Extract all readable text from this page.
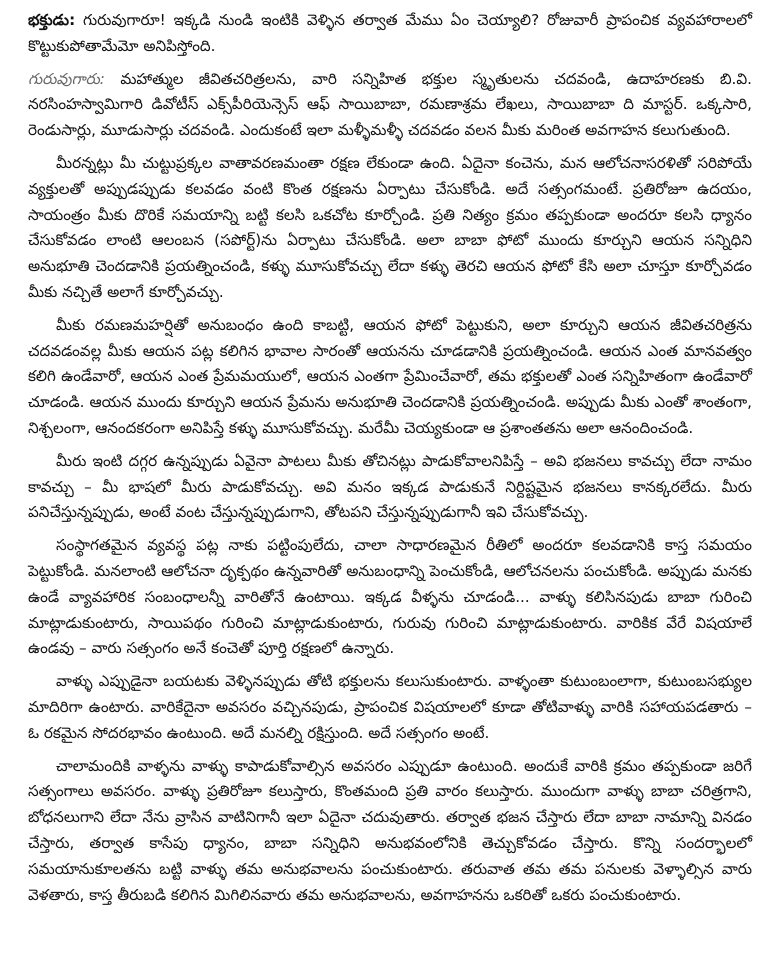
భక్తుడు: గురువుగారూ! ఇక్కడి నుండి ఇంటికి వెళ్ళిన తర్వాత మేము ఏం చెయ్యాలి? రోజువారీ ప్రాపంచిక వ్యవహారాలలో కొట్టుకుపోతామేమో అనిపిస్తోంది.

గురువుగారు: మహాత్ముల జీవితచరిత్రలను, వారి సన్నిహిత భక్తుల స్మృతులను చదవండి, ఉదాహరణకు బి.వి. నరసింహస్వామిగారి డివోటీస్ ఎక్స్‌పీరియెన్సెస్ ఆఫ్ సాయిబాబా, రమణాశ్రమ లేఖలు, సాయిబాబా ది మాస్టర్. ఒక్కసారి, రెండుసార్లు, మూడుసార్లు చదవండి. ఎందుకంటే ఇలా మళ్ళీమళ్ళీ చదవడం వలన మీకు మరింత అవగాహన కలుగుతుంది.

మీరన్నట్లు మీ చుట్టుప్రక్కల వాతావరణమంతా రక్షణ లేకుండా ఉంది. ఏదైనా కంచెను, మన ఆలోచనాసరళితో సరిపోయే వ్యక్తులతో అప్పుడప్పుడు కలవడం వంటి కొంత రక్షణను ఏర్పాటు చేసుకోండి. అదే సత్సంగమంటే. ప్రతిరోజూ ఉదయం, సాయంత్రం మీకు దొరికే సమయాన్ని బట్టి కలసి ఒకచోట కూర్చోండి. ప్రతి నిత్యం క్రమం తప్పకుండా అందరూ కలసి ధ్యానం చేసుకోవడం లాంటి ఆలంబన (సపోర్ట్)ను ఏర్పాటు చేసుకోండి. అలా బాబా ఫోటో ముందు కూర్చుని ఆయన సన్నిధిని అనుభూతి చెందడానికి ప్రయత్నించండి, కళ్ళు మూసుకోవచ్చు లేదా కళ్ళు తెరచి ఆయన ఫోటో కేసి అలా చూస్తూ కూర్చోవడం మీకు నచ్చితే అలాగే కూర్చోవచ్చు.

మీకు రమణమహర్షితో అనుబంధం ఉంది కాబట్టి, ఆయన ఫోటో పెట్టుకుని, అలా కూర్చుని ఆయన జీవితచరిత్రను చదవడంవల్ల మీకు ఆయన పట్ల కలిగిన భావాల సారంతో ఆయనను చూడడానికి ప్రయత్నించండి. ఆయన ఎంత మానవత్వం కలిగి ఉండేవారో, ఆయన ఎంత ప్రేమమయులో, ఆయన ఎంతగా ప్రేమించేవారో, తమ భక్తులతో ఎంత సన్నిహితంగా ఉండేవారో చూడండి. ఆయన ముందు కూర్చుని ఆయన ప్రేమను అనుభూతి చెందడానికి ప్రయత్నించండి. అప్పుడు మీకు ఎంతో శాంతంగా, నిశ్చలంగా, ఆనందకరంగా అనిపిస్తే కళ్ళు మూసుకోవచ్చు. మరేమీ చెయ్యకుండా ఆ ప్రశాంతతను అలా ఆనందించండి.

మీరు ఇంటి దగ్గర ఉన్నప్పుడు ఏవైనా పాటలు మీకు తోచినట్లు పాడుకోవాలనిపిస్తే – అవి భజనలు కావచ్చు లేదా నామం కావచ్చు – మీ భాషలో మీరు పాడుకోవచ్చు. అవి మనం ఇక్కడ పాడుకునే నిర్దిష్టమైన భజనలు కానక్కరలేదు. మీరు పనిచేస్తున్నప్పుడు, అంటే వంట చేస్తున్నప్పుడుగాని, తోటపని చేస్తున్నప్పుడుగానీ ఇవి చేసుకోవచ్చు.

సంస్థాగతమైన వ్యవస్థ పట్ల నాకు పట్టింపులేదు, చాలా సాధారణమైన రీతిలో అందరూ కలవడానికి కాస్త సమయం పెట్టుకోండి. మనలాంటి ఆలోచనా దృక్పథం ఉన్నవారితో అనుబంధాన్ని పెంచుకోండి, ఆలోచనలను పంచుకోండి. అప్పుడు మనకు ఉండే వ్యావహారిక సంబంధాలన్నీ వారితోనే ఉంటాయి. ఇక్కడ వీళ్ళను చూడండి... వాళ్ళు కలిసినపుడు బాబా గురించి మాట్లాడుకుంటారు, సాయిపథం గురించి మాట్లాడుకుంటారు, గురువు గురించి మాట్లాడుకుంటారు. వారికిక వేరే విషయాలే ఉండవు – వారు సత్సంగం అనే కంచెతో పూర్తి రక్షణలో ఉన్నారు.

వాళ్ళు ఎప్పుడైనా బయటకు వెళ్ళినప్పుడు తోటి భక్తులను కలుసుకుంటారు. వాళ్ళంతా కుటుంబంలాగా, కుటుంబసభ్యుల మాదిరిగా ఉంటారు. వారికేదైనా అవసరం వచ్చినపుడు, ప్రాపంచిక విషయాలలో కూడా తోటివాళ్ళు వారికి సహాయపడతారు – ఓ రకమైన సోదరభావం ఉంటుంది. అదే మనల్ని రక్షిస్తుంది. అదే సత్సంగం అంటే.

చాలామందికి వాళ్ళను వాళ్ళు కాపాడుకోవాల్సిన అవసరం ఎప్పుడూ ఉంటుంది. అందుకే వారికి క్రమం తప్పకుండా జరిగే సత్సంగాలు అవసరం. వాళ్ళు ప్రతిరోజూ కలుస్తారు, కొంతమంది ప్రతి వారం కలుస్తారు. ముందుగా వాళ్ళు బాబా చరిత్రగాని, బోధనలుగాని లేదా నేను వ్రాసిన వాటినిగానీ ఇలా ఏదైనా చదువుతారు. తర్వాత భజన చేస్తారు లేదా బాబా నామాన్ని వినడం చేస్తారు, తర్వాత కాసేపు ధ్యానం, బాబా సన్నిధిని అనుభవంలోనికి తెచ్చుకోవడం చేస్తారు. కొన్ని సందర్భాలలో సమయానుకూలతను బట్టి వాళ్ళు తమ అనుభవాలను పంచుకుంటారు. తరువాత తమ తమ పనులకు వెళ్ళాల్సిన వారు వెళతారు, కాస్త తీరుబడి కలిగిన మిగిలినవారు తమ అనుభవాలను, అవగాహనను ఒకరితో ఒకరు పంచుకుంటారు.
